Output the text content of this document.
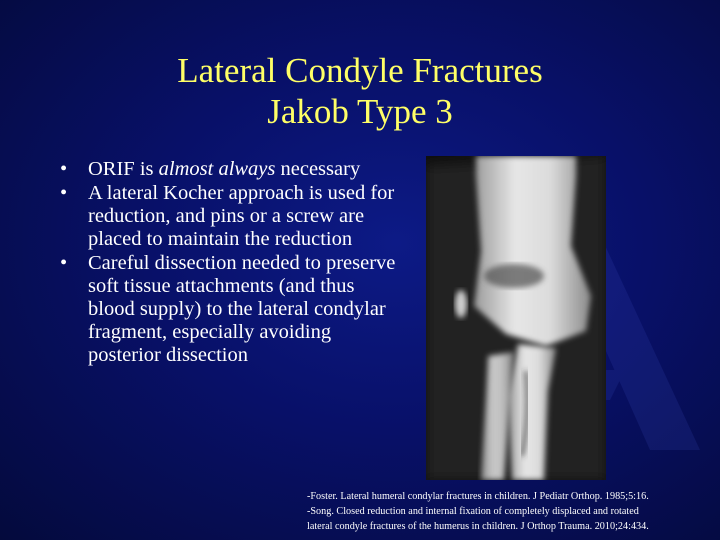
Lateral Condyle Fractures
Jakob Type 3
• ORIF is almost always necessary
• A lateral Kocher approach is used for reduction, and pins or a screw are placed to maintain the reduction
• Careful dissection needed to preserve soft tissue attachments (and thus blood supply) to the lateral condylar fragment, especially avoiding posterior dissection
-Foster. Lateral humeral condylar fractures in children. J Pediatr Orthop. 1985;5:16.
-Song. Closed reduction and internal fixation of completely displaced and rotated
lateral condyle fractures of the humerus in children. J Orthop Trauma. 2010;24:434.
